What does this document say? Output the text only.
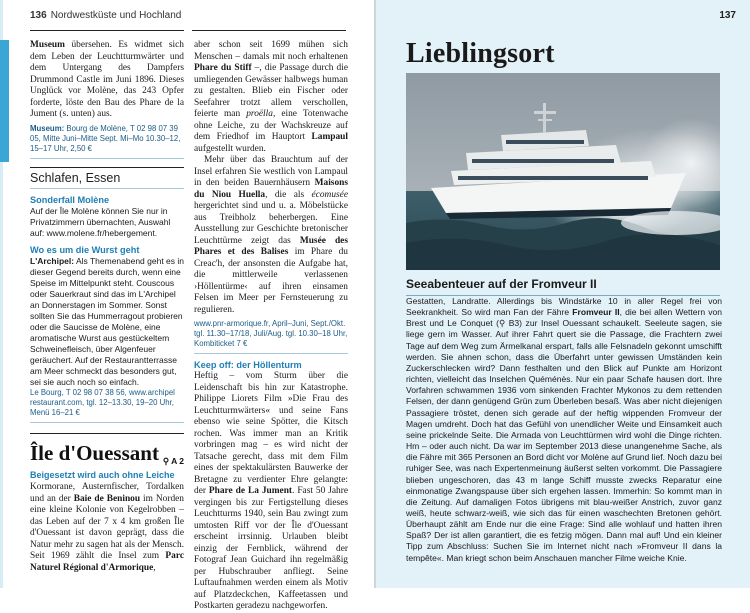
136 Nordwestküste und Hochland
Museum übersehen. Es widmet sich dem Leben der Leuchtturmwärter und dem Untergang des Dampfers Drummond Castle im Juni 1896. Dieses Unglück vor Molène, das 243 Opfer forderte, löste den Bau des Phare de la Jument (s. unten) aus.
Museum: Bourg de Molène, T 02 98 07 39 05, Mitte Juni–Mitte Sept. Mi–Mo 10.30–12, 15–17 Uhr, 2,50 €
Schlafen, Essen
Sonderfall Molène
Auf der Île Molène können Sie nur in Privatzimmern übernachten, Auswahl auf: www.molene.fr/hebergement.
Wo es um die Wurst geht
L'Archipel: Als Themenabend geht es in dieser Gegend bereits durch, wenn eine Speise im Mittelpunkt steht. Couscous oder Sauerkraut sind das im L'Archipel an Donnerstagen im Sommer. Sonst sollten Sie das Hummerragout probieren oder die Saucisse de Molène, eine aromatische Wurst aus gestückeltem Schweinefleisch, über Algenfeuer geräuchert. Auf der Restaurantterrasse am Meer schmeckt das besonders gut, sei sie auch noch so einfach.
Le Bourg, T 02 98 07 38 56, www.archipel restaurant.com, tgl. 12–13.30, 19–20 Uhr, Menü 16–21 €
Île d'Ouessant ⚲ A 2
Beigesetzt wird auch ohne Leiche
Kormorane, Austernfischer, Tordalken und an der Baie de Beninou im Norden eine kleine Kolonie von Kegelrobben – das Leben auf der 7 x 4 km großen Île d'Ouessant ist davon geprägt, dass die Natur mehr zu sagen hat als der Mensch. Seit 1969 zählt die Insel zum Parc Naturel Régional d'Armorique,
aber schon seit 1699 mühen sich Menschen – damals mit noch erhaltenen Phare du Stiff –, die Passage durch die umliegenden Gewässer halbwegs human zu gestalten. Blieb ein Fischer oder Seefahrer trotzt allem verschollen, feierte man proëlla, eine Totenwache ohne Leiche, zu der Wachskreuze auf dem Friedhof im Hauptort Lampaul aufgestellt wurden.
Mehr über das Brauchtum auf der Insel erfahren Sie westlich von Lampaul in den beiden Bauernhäusern Maisons du Niou Huella, die als écomusée hergerichtet sind und u. a. Möbelstücke aus Treibholz beherbergen. Eine Ausstellung zur Geschichte bretonischer Leuchttürme zeigt das Musée des Phares et des Balises im Phare du Creac'h, der ansonsten die Aufgabe hat, die mittlerweile verlassenen ›Höllentürme‹ auf ihren einsamen Felsen im Meer per Fernsteuerung zu regulieren.
www.pnr-armorique.fr, April–Juni, Sept./Okt. tgl. 11.30–17/18, Juli/Aug. tgl. 10.30–18 Uhr, Kombiticket 7 €
Keep off: der Höllenturm
Heftig – vom Sturm über die Leidenschaft bis hin zur Katastrophe. Philippe Liorets Film »Die Frau des Leuchtturmwärters« und seine Fans ebenso wie seine Spötter, die Kitsch rochen. Was immer man an Kritik vorbringen mag – es wird nicht der Tatsache gerecht, dass mit dem Film eines der spektakulärsten Bauwerke der Bretagne zu verdienter Ehre gelangte: der Phare de La Jument. Fast 50 Jahre vergingen bis zur Fertigstellung dieses Leuchtturms 1940, sein Bau zwingt zum umtosten Riff vor der Île d'Ouessant erscheint irrsinnig. Urlauben bleibt einzig der Fernblick, während der Fotograf Jean Guichard ihn regelmäßig per Hubschrauber anfliegt. Seine Luftaufnahmen werden einem als Motiv auf Platzdeckchen, Kaffeetassen und Postkarten geradezu nachgeworfen.
137
Lieblingsort
Seeabenteuer auf der Fromveur II
Gestatten, Landratte. Allerdings bis Windstärke 10 in aller Regel frei von Seekrankheit. So wird man Fan der Fähre Fromveur II, die bei allen Wettern von Brest und Le Conquet (⚲ B3) zur Insel Ouessant schaukelt. Seeleute sagen, sie liege gern im Wasser. Auf ihrer Fahrt quert sie die Passage, die Frachtern zwei Tage auf dem Weg zum Ärmelkanal erspart, falls alle Felsnadeln gekonnt umschifft werden. Sie ahnen schon, dass die Überfahrt unter gewissen Umständen kein Zuckerschlecken wird? Dann festhalten und den Blick auf Punkte am Horizont richten, vielleicht das Inselchen Quéménès. Nur ein paar Schafe hausen dort. Ihre Vorfahren schwammen 1936 vom sinkenden Frachter Mykonos zu dem rettenden Felsen, der dann genügend Grün zum Überleben besaß. Was aber nicht diejenigen Passagiere tröstet, denen sich gerade auf der heftig wippenden Fromveur der Magen umdreht. Doch hat das Gefühl von unendlicher Weite und Einsamkeit auch seine prickelnde Seite. Die Armada von Leuchttürmen wird wohl die Dinge richten. Hm – oder auch nicht. Da war im September 2013 diese unangenehme Sache, als die Fähre mit 365 Personen an Bord dicht vor Molène auf Grund lief. Noch dazu bei ruhiger See, was nach Expertenmeinung äußerst selten vorkommt. Die Passagiere blieben ungeschoren, das 43 m lange Schiff musste zwecks Reparatur eine einmonatige Zwangspause über sich ergehen lassen. Immerhin: So kommt man in die Zeitung. Auf damaligen Fotos übrigens mit blau-weißer Anstrich, zuvor ganz weiß, heute schwarz-weiß, wie sich das für einen waschechten Bretonen gehört. Überhaupt zählt am Ende nur die eine Frage: Sind alle wohlauf und hatten ihren Spaß? Der ist allen garantiert, die es fetzig mögen. Dann mal auf! Und ein kleiner Tipp zum Abschluss: Suchen Sie im Internet nicht nach »Fromveur II dans la tempête«. Man kriegt schon beim Anschauen mancher Filme weiche Knie.
